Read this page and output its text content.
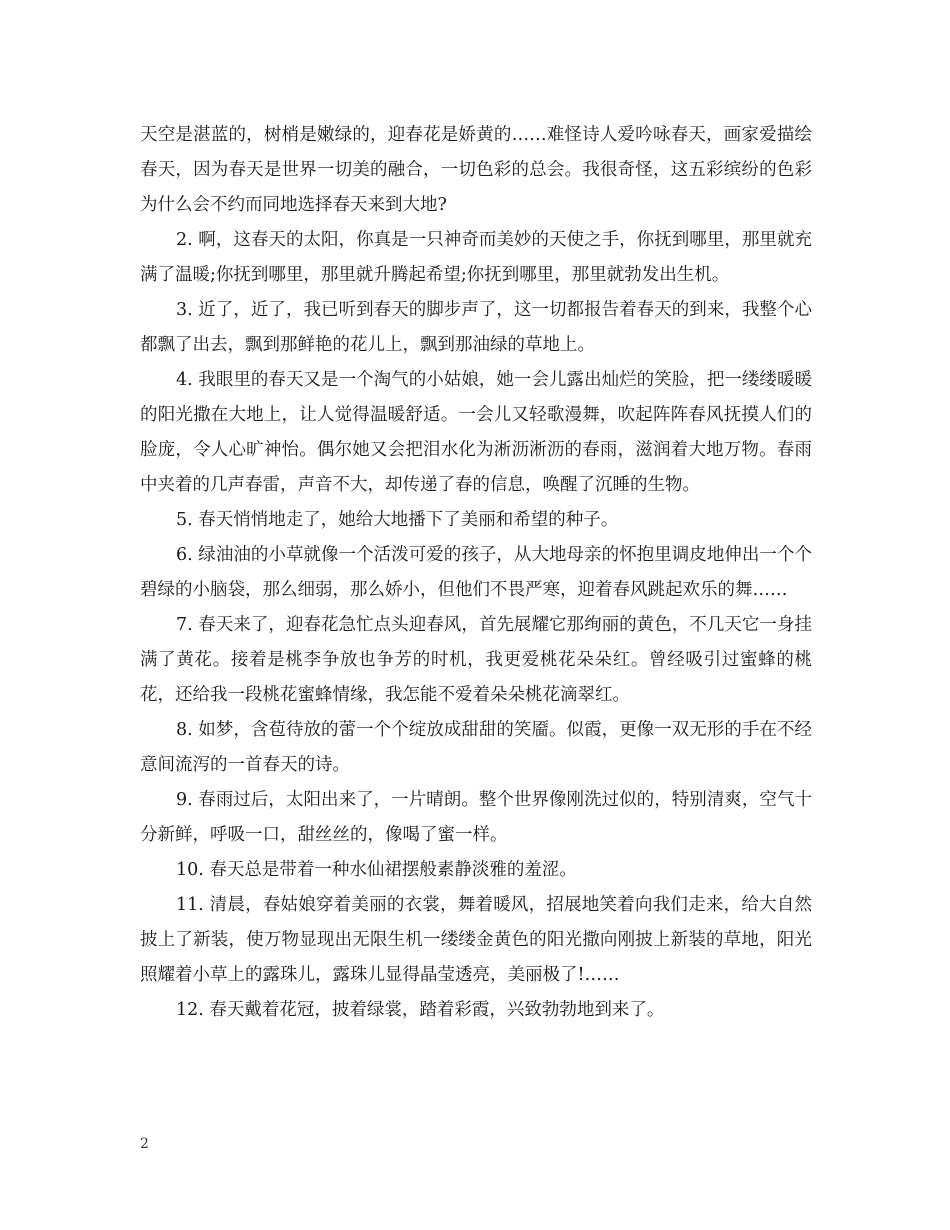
天空是湛蓝的，树梢是嫩绿的，迎春花是娇黄的……难怪诗人爱吟咏春天，画家爱描绘春天，因为春天是世界一切美的融合，一切色彩的总会。我很奇怪，这五彩缤纷的色彩为什么会不约而同地选择春天来到大地?

2. 啊，这春天的太阳，你真是一只神奇而美妙的天使之手，你抚到哪里，那里就充满了温暖;你抚到哪里，那里就升腾起希望;你抚到哪里，那里就勃发出生机。

3. 近了，近了，我已听到春天的脚步声了，这一切都报告着春天的到来，我整个心都飘了出去，飘到那鲜艳的花儿上，飘到那油绿的草地上。

4. 我眼里的春天又是一个淘气的小姑娘，她一会儿露出灿烂的笑脸，把一缕缕暖暖的阳光撒在大地上，让人觉得温暖舒适。一会儿又轻歌漫舞，吹起阵阵春风抚摸人们的脸庞，令人心旷神怡。偶尔她又会把泪水化为淅沥淅沥的春雨，滋润着大地万物。春雨中夹着的几声春雷，声音不大，却传递了春的信息，唤醒了沉睡的生物。

5. 春天悄悄地走了，她给大地播下了美丽和希望的种子。

6. 绿油油的小草就像一个活泼可爱的孩子，从大地母亲的怀抱里调皮地伸出一个个碧绿的小脑袋，那么细弱，那么娇小，但他们不畏严寒，迎着春风跳起欢乐的舞……

7. 春天来了，迎春花急忙点头迎春风，首先展耀它那绚丽的黄色，不几天它一身挂满了黄花。接着是桃李争放也争芳的时机，我更爱桃花朵朵红。曾经吸引过蜜蜂的桃花，还给我一段桃花蜜蜂情缘，我怎能不爱着朵朵桃花滴翠红。

8. 如梦，含苞待放的蕾一个个绽放成甜甜的笑靥。似霞，更像一双无形的手在不经意间流泻的一首春天的诗。

9. 春雨过后，太阳出来了，一片晴朗。整个世界像刚洗过似的，特别清爽，空气十分新鲜，呼吸一口，甜丝丝的，像喝了蜜一样。

10. 春天总是带着一种水仙裙摆般素静淡雅的羞涩。

11. 清晨，春姑娘穿着美丽的衣裳，舞着暖风，招展地笑着向我们走来，给大自然披上了新装，使万物显现出无限生机一缕缕金黄色的阳光撒向刚披上新装的草地，阳光照耀着小草上的露珠儿，露珠儿显得晶莹透亮，美丽极了!……

12. 春天戴着花冠，披着绿裳，踏着彩霞，兴致勃勃地到来了。

2
